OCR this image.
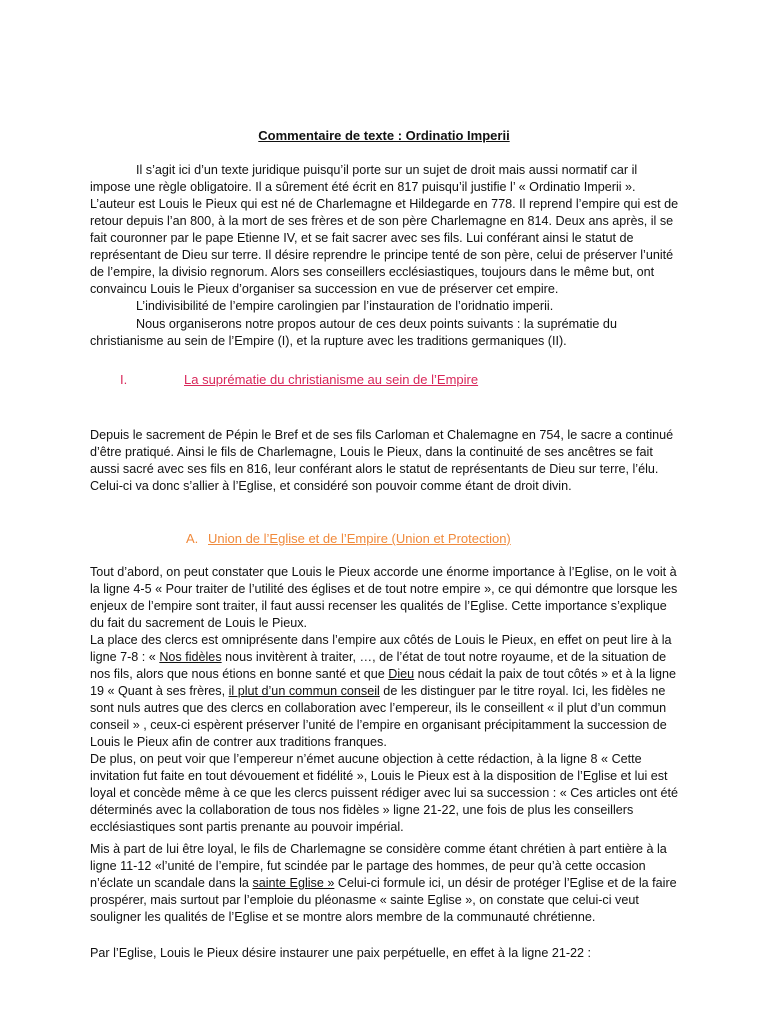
Commentaire de texte : Ordinatio Imperii

Il s’agit ici d’un texte juridique puisqu’il porte sur un sujet de droit mais aussi normatif car il impose une règle obligatoire. Il a sûrement été écrit en 817 puisqu’il justifie l’ « Ordinatio Imperii ». L’auteur est Louis le Pieux qui est né de Charlemagne et Hildegarde en 778. Il reprend l’empire qui est de retour depuis l’an 800, à la mort de ses frères et de son père Charlemagne en 814. Deux ans après, il se fait couronner par le pape Etienne IV, et se fait sacrer avec ses fils. Lui conférant ainsi le statut de représentant de Dieu sur terre. Il désire reprendre le principe tenté de son père, celui de préserver l’unité de l’empire, la divisio regnorum. Alors ses conseillers ecclésiastiques, toujours dans le même but, ont convaincu Louis le Pieux d’organiser sa succession en vue de préserver cet empire.

L’indivisibilité de l’empire carolingien par l’instauration de l’oridnatio imperii.

Nous organiserons notre propos autour de ces deux points suivants : la suprématie du christianisme au sein de l’Empire (I), et la rupture avec les traditions germaniques (II).

I.	La suprématie du christianisme au sein de l’Empire

Depuis le sacrement de Pépin le Bref et de ses fils Carloman et Chalemagne en 754, le sacre a continué d’être pratiqué. Ainsi le fils de Charlemagne, Louis le Pieux, dans la continuité de ses ancêtres se fait aussi sacré avec ses fils en 816, leur conférant alors le statut de représentants de Dieu sur terre, l’élu. Celui-ci va donc s’allier à l’Eglise, et considéré son pouvoir comme étant de droit divin.

A. Union de l’Eglise et de l’Empire (Union et Protection)

Tout d’abord, on peut constater que Louis le Pieux accorde une énorme importance à l’Eglise, on le voit à la ligne 4-5 « Pour traiter de l’utilité des églises et de tout notre empire », ce qui démontre que lorsque les enjeux de l’empire sont traiter, il faut aussi recenser les qualités de l’Eglise. Cette importance s’explique du fait du sacrement de Louis le Pieux.

La place des clercs est omniprésente dans l’empire aux côtés de Louis le Pieux, en effet on peut lire à la ligne 7-8 : « Nos fidèles nous invitèrent à traiter, …, de l’état de tout notre royaume, et de la situation de nos fils, alors que nous étions en bonne santé et que Dieu nous cédait la paix de tout côtés » et à la ligne 19 « Quant à ses frères, il plut d’un commun conseil de les distinguer par le titre royal. Ici, les fidèles ne sont nuls autres que des clercs en collaboration avec l’empereur, ils le conseillent « il plut d’un commun conseil » , ceux-ci espèrent préserver l’unité de l’empire en organisant précipitamment la succession de Louis le Pieux afin de contrer aux traditions franques.

De plus, on peut voir que l’empereur n’émet aucune objection à cette rédaction, à la ligne 8 « Cette invitation fut faite en tout dévouement et fidélité », Louis le Pieux est à la disposition de l’Eglise et lui est loyal et concède même à ce que les clercs puissent rédiger avec lui sa succession : « Ces articles ont été déterminés avec la collaboration de tous nos fidèles » ligne 21-22, une fois de plus les conseillers ecclésiastiques sont partis prenante au pouvoir impérial.

Mis à part de lui être loyal, le fils de Charlemagne se considère comme étant chrétien à part entière à la ligne 11-12 «l’unité de l’empire, fut scindée par le partage des hommes, de peur qu’à cette occasion n’éclate un scandale dans la sainte Eglise » Celui-ci formule ici, un désir de protéger l’Eglise et de la faire prospérer, mais surtout par l’emploie du pléonasme « sainte Eglise », on constate que celui-ci veut souligner les qualités de l’Eglise et se montre alors membre de la communauté chrétienne.

Par l’Eglise, Louis le Pieux désire instaurer une paix perpétuelle, en effet à la ligne 21-22 :
